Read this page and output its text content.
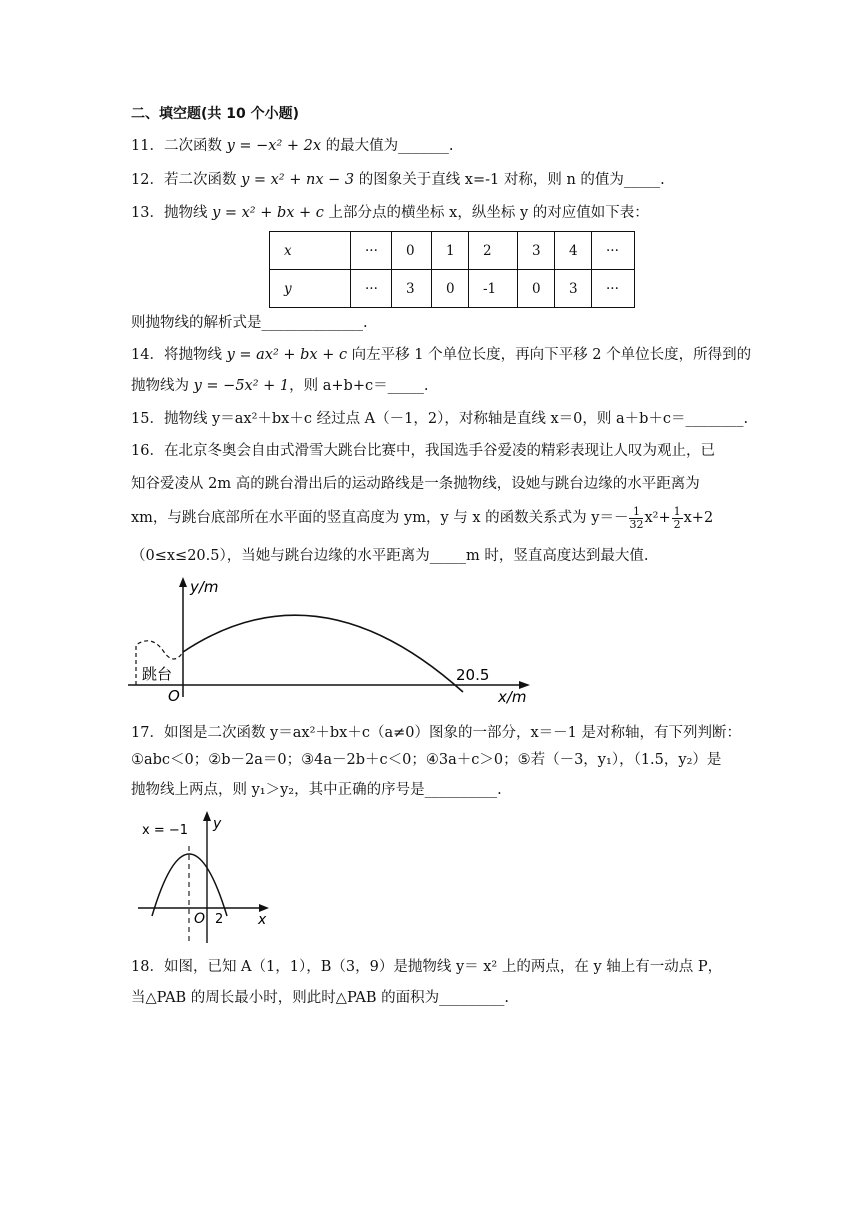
二、填空题(共 10 个小题)
11．二次函数 y = −x² + 2x 的最大值为_______.
12．若二次函数 y = x² + nx − 3 的图象关于直线 x=-1 对称，则 n 的值为_____.
13．抛物线 y = x² + bx + c 上部分点的横坐标 x，纵坐标 y 的对应值如下表：
x	···	0	1	2	3	4	···
y	···	3	0	-1	0	3	···
则抛物线的解析式是______________.
14．将抛物线 y = ax² + bx + c 向左平移 1 个单位长度，再向下平移 2 个单位长度，所得到的
抛物线为 y = −5x² + 1，则 a+b+c＝_____.
15．抛物线 y＝ax²＋bx＋c 经过点 A（－1，2），对称轴是直线 x＝0，则 a＋b＋c＝________.
16．在北京冬奥会自由式滑雪大跳台比赛中，我国选手谷爱凌的精彩表现让人叹为观止，已
知谷爱凌从 2m 高的跳台滑出后的运动路线是一条抛物线，设她与跳台边缘的水平距离为
xm，与跳台底部所在水平面的竖直高度为 ym，y 与 x 的函数关系式为 $y=- \frac{1}{32} x^2+ \frac{1}{2} x+2$
（0≤x≤20.5），当她与跳台边缘的水平距离为_____m 时，竖直高度达到最大值.
跳台
O
y/m
x/m
20.5
17．如图是二次函数 y＝ax²＋bx＋c（a≠0）图象的一部分，x＝－1 是对称轴，有下列判断：
①abc＜0；②b－2a＝0；③4a－2b＋c＜0；④3a＋c＞0；⑤若（－3，y₁），（1.5，y₂）是
抛物线上两点，则 y₁＞y₂，其中正确的序号是__________.
x = −1 y
x
O 2
18．如图，已知 A（1，1），B（3，9）是抛物线 y＝ x² 上的两点，在 y 轴上有一动点 P，
当△PAB 的周长最小时，则此时△PAB 的面积为_________.
